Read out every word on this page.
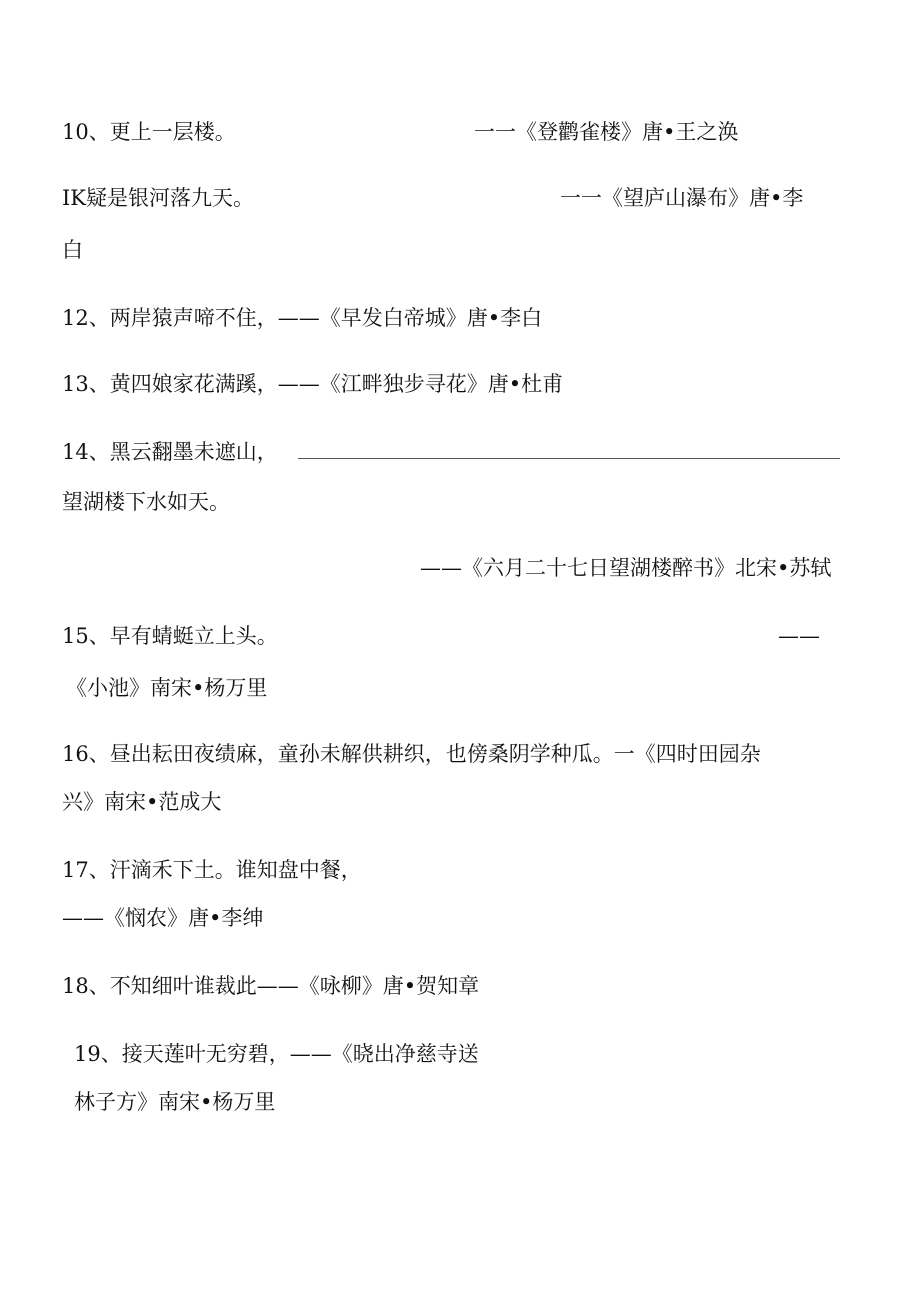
10、更上一层楼。	一一《登鹳雀楼》唐•王之涣
IK疑是银河落九天。	一一《望庐山瀑布》唐•李
白
12、两岸猿声啼不住，——《早发白帝城》唐•李白
13、黄四娘家花满蹊，——《江畔独步寻花》唐•杜甫
14、黑云翻墨未遮山，
望湖楼下水如天。
——《六月二十七日望湖楼醉书》北宋•苏轼
15、早有蜻蜓立上头。	——
《小池》南宋•杨万里
16、昼出耘田夜绩麻，童孙未解供耕织，也傍桑阴学种瓜。一《四时田园杂
兴》南宋•范成大
17、汗滴禾下土。谁知盘中餐，
——《悯农》唐•李绅
18、不知细叶谁裁此——《咏柳》唐•贺知章
19、接天莲叶无穷碧，——《晓出净慈寺送
林子方》南宋•杨万里
